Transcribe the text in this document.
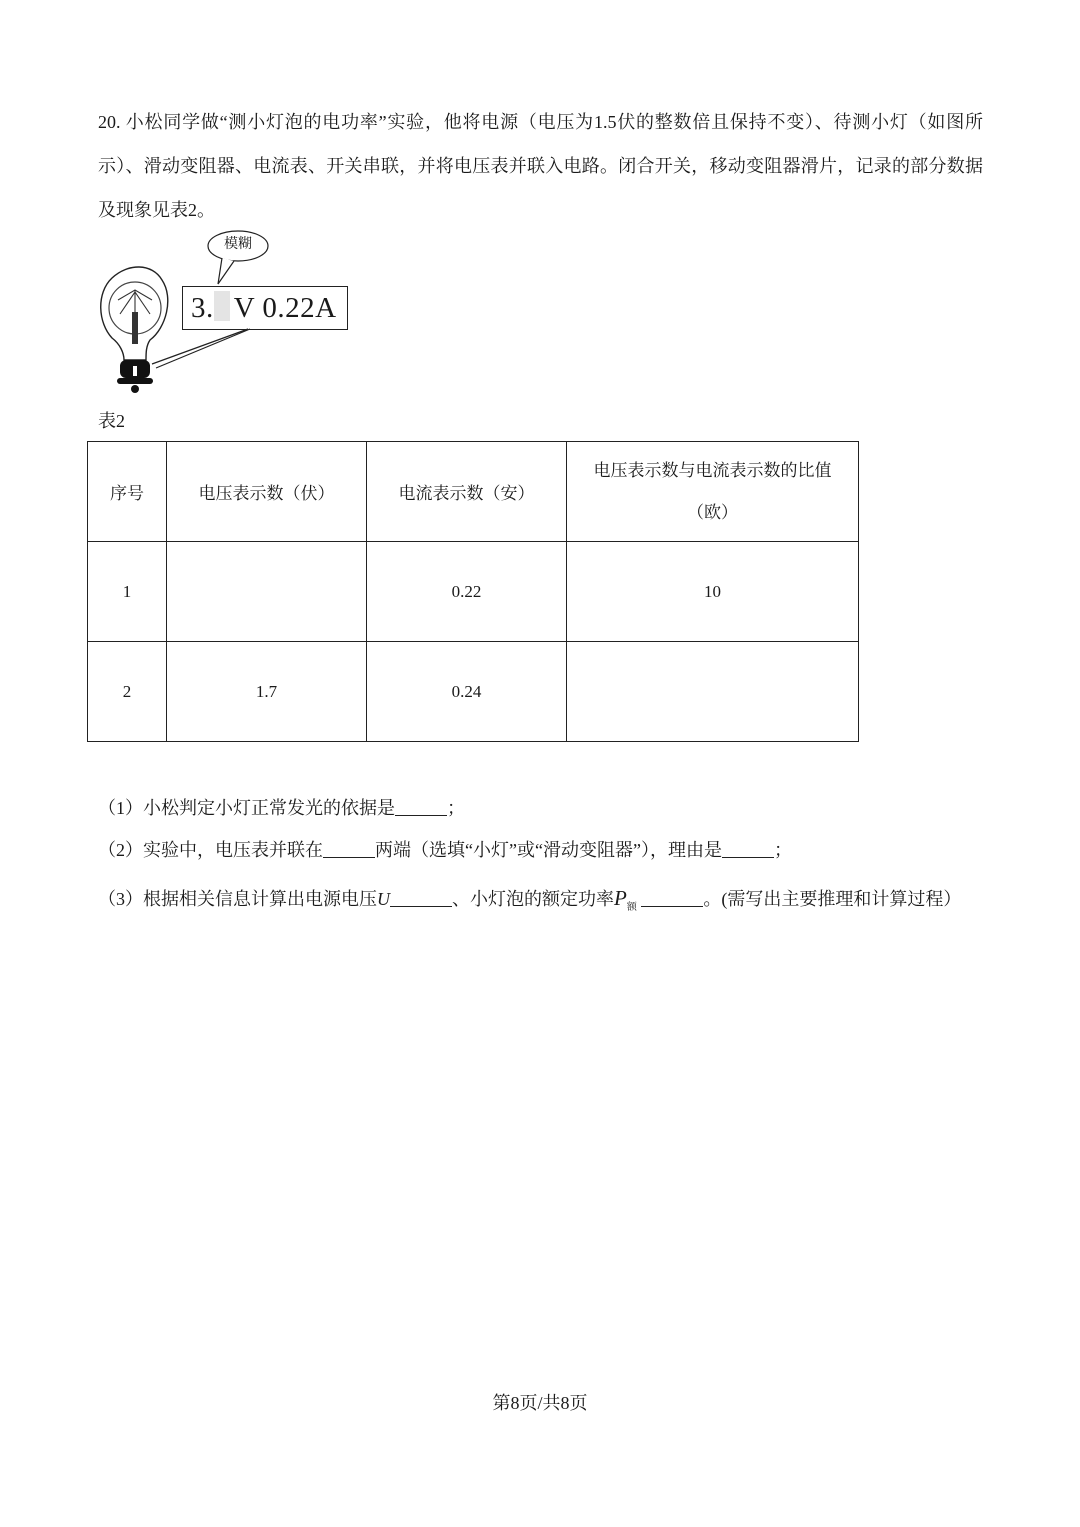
20. 小松同学做“测小灯泡的电功率”实验，他将电源（电压为1.5伏的整数倍且保持不变）、待测小灯（如图所示）、滑动变阻器、电流表、开关串联，并将电压表并联入电路。闭合开关，移动变阻器滑片，记录的部分数据及现象见表2。
模糊
3. V 0.22A
表2
序号	电压表示数（伏）	电流表示数（安）	电压表示数与电流表示数的比值（欧）
1		0.22	10
2	1.7	0.24	
（1）小松判定小灯正常发光的依据是	；
（2）实验中，电压表并联在	两端（选填“小灯”或“滑动变阻器”），理由是	；
（3）根据相关信息计算出电源电压U	、小灯泡的额定功率$P_额$	。(需写出主要推理和计算过程）
第8页/共8页
